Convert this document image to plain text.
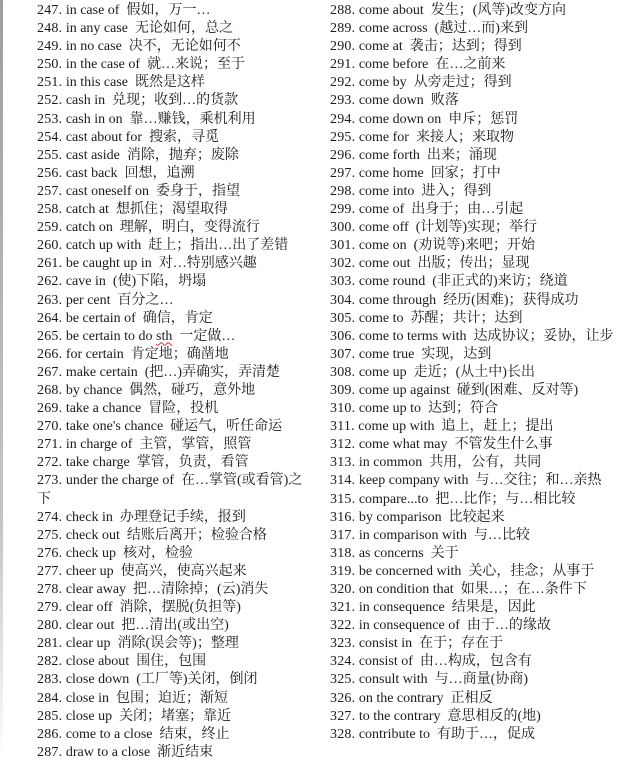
247. in case of 假如，万一…
248. in any case 无论如何，总之
249. in no case 决不，无论如何不
250. in the case of 就…来说；至于
251. in this case 既然是这样
252. cash in 兑现；收到…的货款
253. cash in on 靠…赚钱，乘机利用
254. cast about for 搜索，寻觅
255. cast aside 消除，抛弃；废除
256. cast back 回想，追溯
257. cast oneself on 委身于，指望
258. catch at 想抓住；渴望取得
259. catch on 理解，明白，变得流行
260. catch up with 赶上；指出…出了差错
261. be caught up in 对…特别感兴趣
262. cave in (使)下陷，坍塌
263. per cent 百分之…
264. be certain of 确信，肯定
265. be certain to do sth 一定做…
266. for certain 肯定地；确凿地
267. make certain (把…)弄确实，弄清楚
268. by chance 偶然，碰巧，意外地
269. take a chance 冒险，投机
270. take one's chance 碰运气，听任命运
271. in charge of 主管，掌管，照管
272. take charge 掌管，负责，看管
273. under the charge of 在…掌管(或看管)之下
274. check in 办理登记手续，报到
275. check out 结账后离开；检验合格
276. check up 核对，检验
277. cheer up 使高兴，使高兴起来
278. clear away 把…清除掉；(云)消失
279. clear off 消除，摆脱(负担等)
280. clear out 把…清出(或出空)
281. clear up 消除(误会等)；整理
282. close about 围住，包围
283. close down (工厂等)关闭，倒闭
284. close in 包围；迫近；渐短
285. close up 关闭；堵塞；靠近
286. come to a close 结束，终止
287. draw to a close 渐近结束
288. come about 发生；(风等)改变方向
289. come across (越过…而)来到
290. come at 袭击；达到；得到
291. come before 在…之前来
292. come by 从旁走过；得到
293. come down 败落
294. come down on 申斥；惩罚
295. come for 来接人；来取物
296. come forth 出来；涌现
297. come home 回家；打中
298. come into 进入；得到
299. come of 出身于；由…引起
300. come off (计划等)实现；举行
301. come on (劝说等)来吧；开始
302. come out 出版；传出；显现
303. come round (非正式的)来访；绕道
304. come through 经历(困难)；获得成功
305. come to 苏醒；共计；达到
306. come to terms with 达成协议；妥协，让步
307. come true 实现，达到
308. come up 走近；(从土中)长出
309. come up against 碰到(困难、反对等)
310. come up to 达到；符合
311. come up with 追上，赶上；提出
312. come what may 不管发生什么事
313. in common 共用，公有，共同
314. keep company with 与…交往；和…亲热
315. compare...to 把…比作；与…相比较
316. by comparison 比较起来
317. in comparison with 与…比较
318. as concerns 关于
319. be concerned with 关心，挂念；从事于
320. on condition that 如果…；在…条件下
321. in consequence 结果是，因此
322. in consequence of 由于…的缘故
323. consist in 在于；存在于
324. consist of 由…构成，包含有
325. consult with 与…商量(协商)
326. on the contrary 正相反
327. to the contrary 意思相反的(地)
328. contribute to 有助于…，促成
